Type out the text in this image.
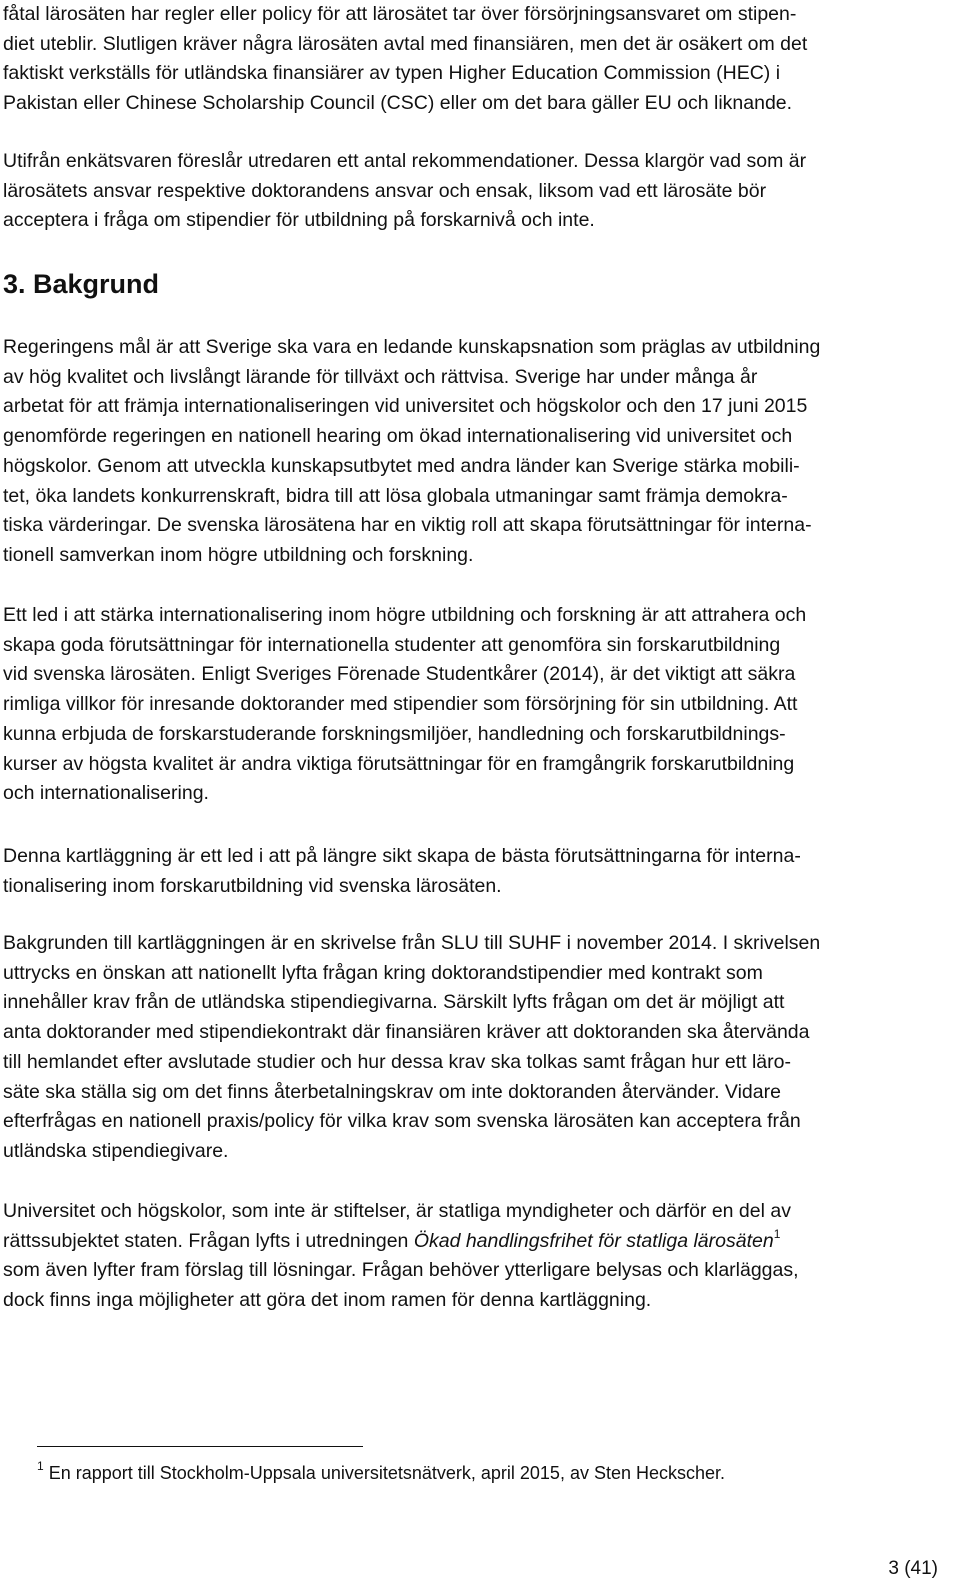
fåtal lärosäten har regler eller policy för att lärosätet tar över försörjningsansvaret om stipen-
diet uteblir. Slutligen kräver några lärosäten avtal med finansiären, men det är osäkert om det
faktiskt verkställs för utländska finansiärer av typen Higher Education Commission (HEC) i
Pakistan eller Chinese Scholarship Council (CSC) eller om det bara gäller EU och liknande.

Utifrån enkätsvaren föreslår utredaren ett antal rekommendationer. Dessa klargör vad som är
lärosätets ansvar respektive doktorandens ansvar och ensak, liksom vad ett lärosäte bör
acceptera i fråga om stipendier för utbildning på forskarnivå och inte.

3. Bakgrund

Regeringens mål är att Sverige ska vara en ledande kunskapsnation som präglas av utbildning
av hög kvalitet och livslångt lärande för tillväxt och rättvisa. Sverige har under många år
arbetat för att främja internationaliseringen vid universitet och högskolor och den 17 juni 2015
genomförde regeringen en nationell hearing om ökad internationalisering vid universitet och
högskolor. Genom att utveckla kunskapsutbytet med andra länder kan Sverige stärka mobili-
tet, öka landets konkurrenskraft, bidra till att lösa globala utmaningar samt främja demokra-
tiska värderingar. De svenska lärosätena har en viktig roll att skapa förutsättningar för interna-
tionell samverkan inom högre utbildning och forskning.

Ett led i att stärka internationalisering inom högre utbildning och forskning är att attrahera och
skapa goda förutsättningar för internationella studenter att genomföra sin forskarutbildning
vid svenska lärosäten. Enligt Sveriges Förenade Studentkårer (2014), är det viktigt att säkra
rimliga villkor för inresande doktorander med stipendier som försörjning för sin utbildning. Att
kunna erbjuda de forskarstuderande forskningsmiljöer, handledning och forskarutbildnings-
kurser av högsta kvalitet är andra viktiga förutsättningar för en framgångrik forskarutbildning
och internationalisering.

Denna kartläggning är ett led i att på längre sikt skapa de bästa förutsättningarna för interna-
tionalisering inom forskarutbildning vid svenska lärosäten.

Bakgrunden till kartläggningen är en skrivelse från SLU till SUHF i november 2014. I skrivelsen
uttrycks en önskan att nationellt lyfta frågan kring doktorandstipendier med kontrakt som
innehåller krav från de utländska stipendiegivarna. Särskilt lyfts frågan om det är möjligt att
anta doktorander med stipendiekontrakt där finansiären kräver att doktoranden ska återvända
till hemlandet efter avslutade studier och hur dessa krav ska tolkas samt frågan hur ett läro-
säte ska ställa sig om det finns återbetalningskrav om inte doktoranden återvänder. Vidare
efterfrågas en nationell praxis/policy för vilka krav som svenska lärosäten kan acceptera från
utländska stipendiegivare.

Universitet och högskolor, som inte är stiftelser, är statliga myndigheter och därför en del av
rättssubjektet staten. Frågan lyfts i utredningen Ökad handlingsfrihet för statliga lärosäten$^1$
som även lyfter fram förslag till lösningar. Frågan behöver ytterligare belysas och klarläggas,
dock finns inga möjligheter att göra det inom ramen för denna kartläggning.

$^1$ En rapport till Stockholm-Uppsala universitetsnätverk, april 2015, av Sten Heckscher.

3 (41)
